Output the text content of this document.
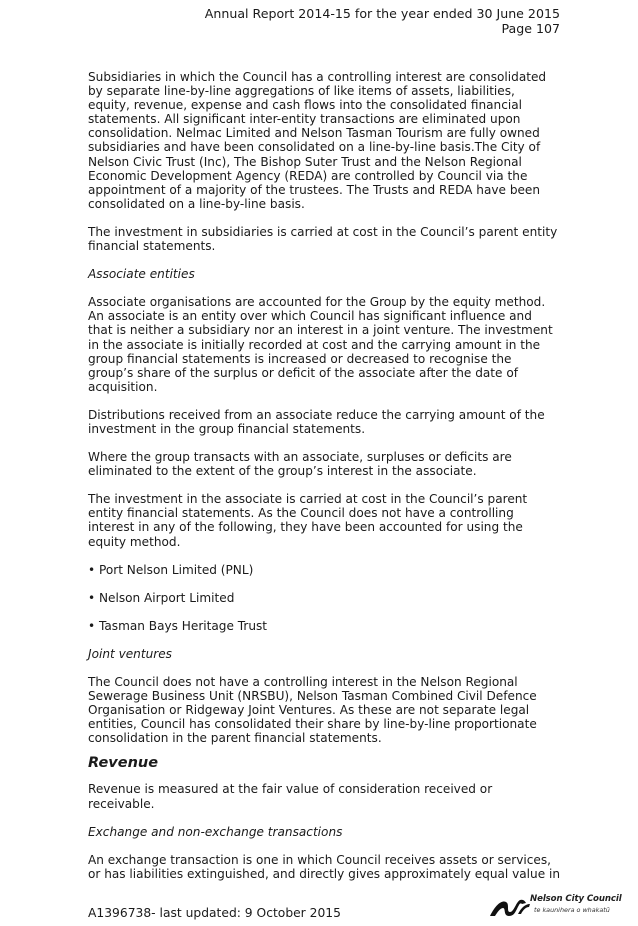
Annual Report 2014-15 for the year ended 30 June 2015
Page 107

Subsidiaries in which the Council has a controlling interest are consolidated by separate line-by-line aggregations of like items of assets, liabilities, equity, revenue, expense and cash flows into the consolidated financial statements. All significant inter-entity transactions are eliminated upon consolidation. Nelmac Limited and Nelson Tasman Tourism are fully owned subsidiaries and have been consolidated on a line-by-line basis.The City of Nelson Civic Trust (Inc), The Bishop Suter Trust and the Nelson Regional Economic Development Agency (REDA) are controlled by Council via the appointment of a majority of the trustees. The Trusts and REDA have been consolidated on a line-by-line basis.

The investment in subsidiaries is carried at cost in the Council’s parent entity financial statements.

Associate entities

Associate organisations are accounted for the Group by the equity method. An associate is an entity over which Council has significant influence and that is neither a subsidiary nor an interest in a joint venture. The investment in the associate is initially recorded at cost and the carrying amount in the group financial statements is increased or decreased to recognise the group’s share of the surplus or deficit of the associate after the date of acquisition.

Distributions received from an associate reduce the carrying amount of the investment in the group financial statements.

Where the group transacts with an associate, surpluses or deficits are eliminated to the extent of the group’s interest in the associate.

The investment in the associate is carried at cost in the Council’s parent entity financial statements. As the Council does not have a controlling interest in any of the following, they have been accounted for using the equity method.

• Port Nelson Limited (PNL)

• Nelson Airport Limited

• Tasman Bays Heritage Trust

Joint ventures

The Council does not have a controlling interest in the Nelson Regional Sewerage Business Unit (NRSBU), Nelson Tasman Combined Civil Defence Organisation or Ridgeway Joint Ventures. As these are not separate legal entities, Council has consolidated their share by line-by-line proportionate consolidation in the parent financial statements.

Revenue

Revenue is measured at the fair value of consideration received or receivable.

Exchange and non-exchange transactions

An exchange transaction is one in which Council receives assets or services, or has liabilities extinguished, and directly gives approximately equal value in

A1396738- last updated: 9 October 2015
Nelson City Council
te kaunihera o whakatū
